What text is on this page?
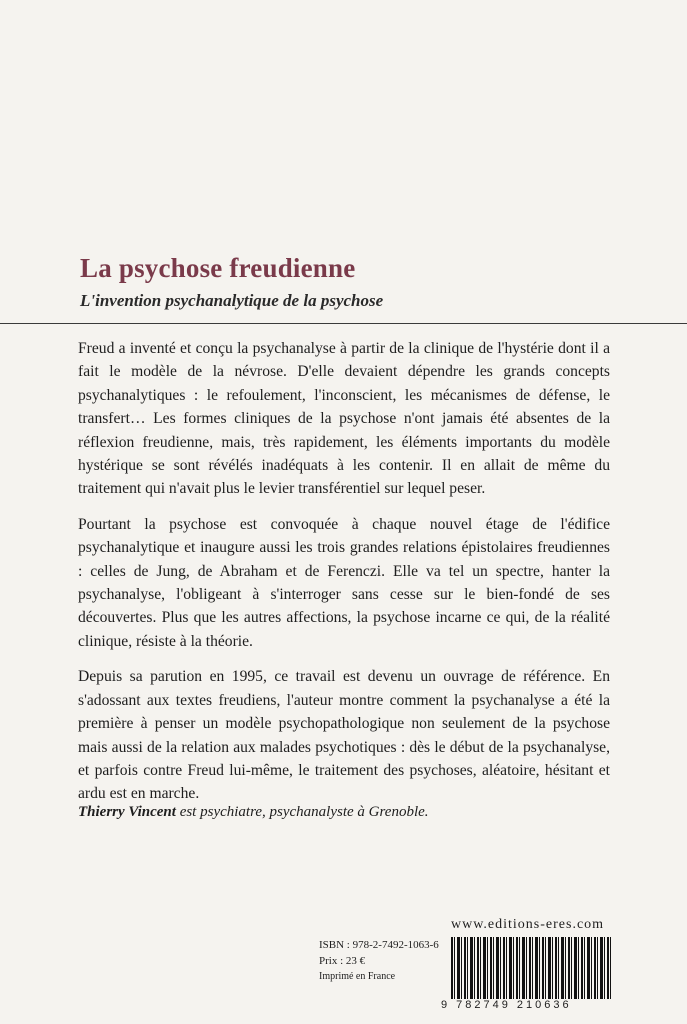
La psychose freudienne
L'invention psychanalytique de la psychose

Freud a inventé et conçu la psychanalyse à partir de la clinique de l'hystérie dont il a fait le modèle de la névrose. D'elle devaient dépendre les grands concepts psychanalytiques : le refoulement, l'inconscient, les mécanismes de défense, le transfert… Les formes cliniques de la psychose n'ont jamais été absentes de la réflexion freudienne, mais, très rapidement, les éléments importants du modèle hystérique se sont révélés inadéquats à les contenir. Il en allait de même du traitement qui n'avait plus le levier transférentiel sur lequel peser.

Pourtant la psychose est convoquée à chaque nouvel étage de l'édifice psychanalytique et inaugure aussi les trois grandes relations épistolaires freudiennes : celles de Jung, de Abraham et de Ferenczi. Elle va tel un spectre, hanter la psychanalyse, l'obligeant à s'interroger sans cesse sur le bien-fondé de ses découvertes. Plus que les autres affections, la psychose incarne ce qui, de la réalité clinique, résiste à la théorie.

Depuis sa parution en 1995, ce travail est devenu un ouvrage de référence. En s'adossant aux textes freudiens, l'auteur montre comment la psychanalyse a été la première à penser un modèle psychopathologique non seulement de la psychose mais aussi de la relation aux malades psychotiques : dès le début de la psychanalyse, et parfois contre Freud lui-même, le traitement des psychoses, aléatoire, hésitant et ardu est en marche.

Thierry Vincent est psychiatre, psychanalyste à Grenoble.
ISBN : 978-2-7492-1063-6
Prix : 23 €
Imprimé en France
www.editions-eres.com
9 782749 210636
